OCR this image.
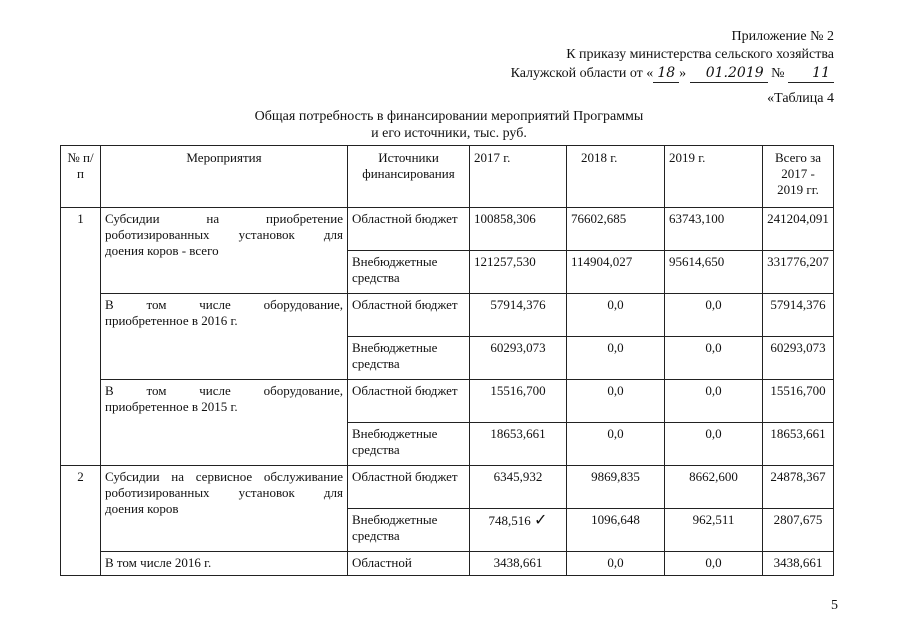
Приложение № 2
К приказу министерства сельского хозяйства
Калужской области от « 18 » 01.2019 № 11
«Таблица 4
Общая потребность в финансировании мероприятий Программы
и его источники, тыс. руб.
№ п/п	Мероприятия	Источники финансирования	2017 г.	2018 г.	2019 г.	Всего за 2017 - 2019 гг.
1	Субсидии на приобретение
роботизированных установок для
доения коров - всего	Областной бюджет	100858,306	76602,685	63743,100	241204,091
		Внебюджетные средства	121257,530	114904,027	95614,650	331776,207

	В том числе оборудование,
приобретенное в 2016 г.	Областной бюджет	57914,376	0,0	0,0	57914,376
		Внебюджетные средства	60293,073	0,0	0,0	60293,073

	В том числе оборудование,
приобретенное в 2015 г.	Областной бюджет	15516,700	0,0	0,0	15516,700
		Внебюджетные средства	18653,661	0,0	0,0	18653,661
2	Субсидии на сервисное обслуживание
роботизированных установок для
доения коров	Областной бюджет	6345,932	9869,835	8662,600	24878,367
		Внебюджетные средства	748,516 ✓	1096,648	962,511	2807,675
	В том числе 2016 г.	Областной	3438,661	0,0	0,0	3438,661
5
